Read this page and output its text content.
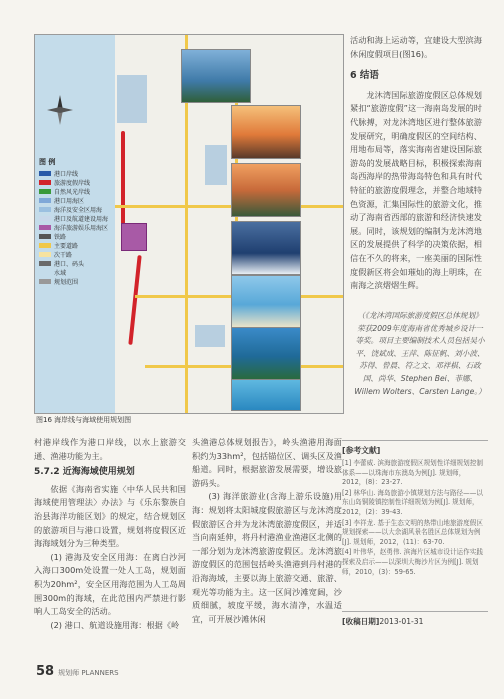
图 例
港口岸线
旅游度假岸线
自然风光岸线
港口用海区
海洋及安全区用海
港口及航道建设用海
海洋旅游娱乐用海区
铁路
主要道路
次干路
港口、码头
水域
规划范围
图16 海岸线与海域使用规划图

活动和海上运动等，宜建设大型滨海休闲度假项目(图16)。

6 结语

龙沐湾国际旅游度假区总体规划紧扣“旅游度假”这一海南岛发展的时代脉搏，对龙沐湾地区进行整体旅游发展研究，明确度假区的空间结构、用地布局等，落实海南省建设国际旅游岛的发展战略目标，积极探索海南岛西海岸的热带海岛特色和具有时代特征的旅游度假理念，并整合地域特色资源，汇集国际性的旅游文化，推动了海南省西部的旅游和经济快速发展。同时，该规划的编制为龙沐湾地区的发展提供了科学的决策依据，相信在不久的将来，一座美丽的国际性度假新区将会如璀灿的海上明珠，在南海之滨熠熠生辉。

（《龙沐湾国际旅游度假区总体规划》荣获2009年度海南省优秀城乡设计一等奖。项目主要编制技术人员包括吴小平、饶斌成、王萍、陈征帆、刘小波、苏得、曾晨、符之文、邓祥棋、石政国、尚华、Stephen Bei、菲娜、Willem Wolters、Carsten Lange。）
[参考文献]
[1] 李蕾威. 滨海旅游度假区规划性详细规划控制体系——以珠海市东澳岛为例[J]. 规划师，2012，(8)：23-27.
[2] 林华山. 海岛旅游小镇规划方法与路径——以东山岛铜陵镇控制性详细规划为例[J]. 规划师，2012，(2)：39-43.
[3] 李祥龙. 基于生态文明的热带山地旅游度假区规划探索——以大余湖风景名胜区总体规划为例[J]. 规划师，2012，(11)：63-70.
[4] 叶伟华，赵勇伟. 滨海片区城市设计运作实践探索及启示——以深圳大梅沙片区为例[J]. 规划师，2010，(3)：59-65.
[收稿日期]2013-01-31

村港岸线作为港口岸线，以水上旅游交通、渔港功能为主。

5.7.2 近海海域使用规划

依据《海南省实施〈中华人民共和国海域使用管理法〉办法》与《乐东黎族自治县海洋功能区划》的规定，结合规划区的旅游项目与港口设置，规划将度假区近海海域划分为三种类型。

(1) 港海及安全区用海：在离白沙河入海口300m处设置一处人工岛，规划面积为20hm²，安全区用海范围为人工岛周围300m的海域，在此范围内严禁进行影响人工岛安全的活动。

(2) 港口、航道设施用海：根据《岭

头渔港总体规划报告》，岭头渔港用海面积约为33hm²，包括锚位区、调头区及渔船道。同时，根据旅游发展需要，增设旅游码头。

(3) 海洋旅游业(含海上游乐设施)用海：规划将太阳城度假旅游区与龙沐湾度假旅游区合并为龙沐湾旅游度假区，并适当向南延伸，将丹村港渔业渔港区北侧的一部分划为龙沐湾旅游度假区。龙沐湾旅游度假区的范围包括岭头渔港到丹村港的沿海海域，主要以海上旅游交通、旅游、观光等功能为主。这一区间沙滩宽阔，沙质细腻，坡度平缓，海水清净，水温适宜，可开展沙滩休闲

58 规划师 PLANNERS
